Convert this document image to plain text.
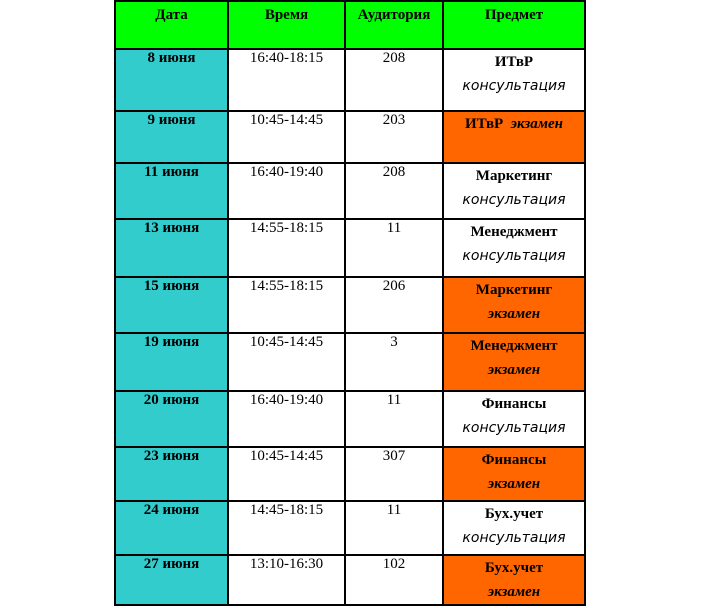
Дата	Время	Аудитория	Предмет
8 июня	16:40-18:15	208	ИТвР
консультация

9 июня	10:45-14:45	203	ИТвР экзамен
11 июня	16:40-19:40	208	Маркетинг
консультация

13 июня	14:55-18:15	11	Менеджмент
консультация

15 июня	14:55-18:15	206	Маркетинг
экзамен

19 июня	10:45-14:45	3	Менеджмент
экзамен

20 июня	16:40-19:40	11	Финансы
консультация

23 июня	10:45-14:45	307	Финансы
экзамен

24 июня	14:45-18:15	11	Бух.учет
консультация

27 июня	13:10-16:30	102	Бух.учет
экзамен
